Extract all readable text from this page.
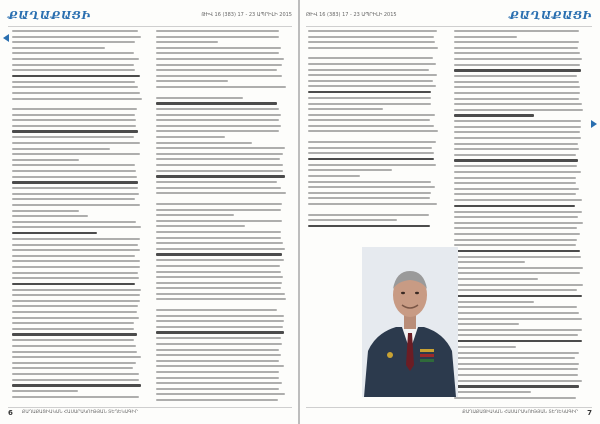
ՔԱՂԱՔԱՑԻ	ԹԻՎ 16 (383) 17 - 23 ԱՊՐԻԼԻ 2015
6 ՔԱՂԱՔԱՑԻԱԿԱՆ ՀԱՍԱՐԱԿՈՒԹՅԱՆ ՏԵՂԵԿԱԳԻՐ
ԹԻՎ 16 (383) 17 - 23 ԱՊՐԻԼԻ 2015	ՔԱՂԱՔԱՑԻ
ՔԱՂԱՔԱՑԻԱԿԱՆ ՀԱՍԱՐԱԿՈՒԹՅԱՆ ՏԵՂԵԿԱԳԻՐ 7
